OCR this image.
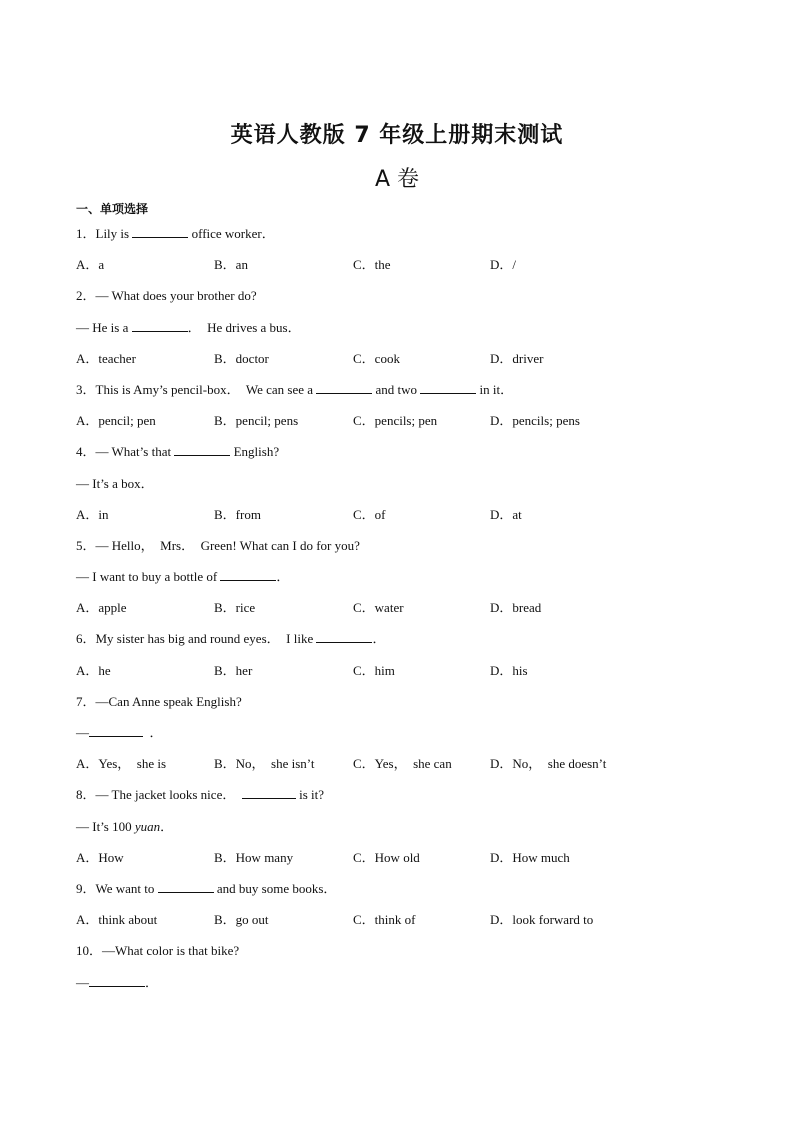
英语人教版 7 年级上册期末测试
A 卷
一、单项选择
1．Lily is	office worker．
A．a	B．an	C．the	D．/
2．— What does your brother do?
— He is a	．  He drives a bus．
A．teacher	B．doctor	C．cook	D．driver
3．This is Amy’s pencil-box．  We can see a	and two	in it．
A．pencil; pen	B．pencil; pens	C．pencils; pen	D．pencils; pens
4．— What’s that	English?
— It’s a box．
A．in	B．from	C．of	D．at
5．— Hello，  Mrs．  Green! What can I do for you?
— I want to buy a bottle of	．
A．apple	B．rice	C．water	D．bread
6．My sister has big and round eyes．  I like	．
A．he	B．her	C．him	D．his
7．—Can Anne speak English?
—	．
A．Yes，  she is	B．No，  she isn’t	C．Yes，  she can	D．No，  she doesn’t
8．— The jacket looks nice．	is it?
— It’s 100 yuan．
A．How	B．How many	C．How old	D．How much
9．We want to	and buy some books．
A．think about	B．go out	C．think of	D．look forward to
10．—What color is that bike?
—	．
